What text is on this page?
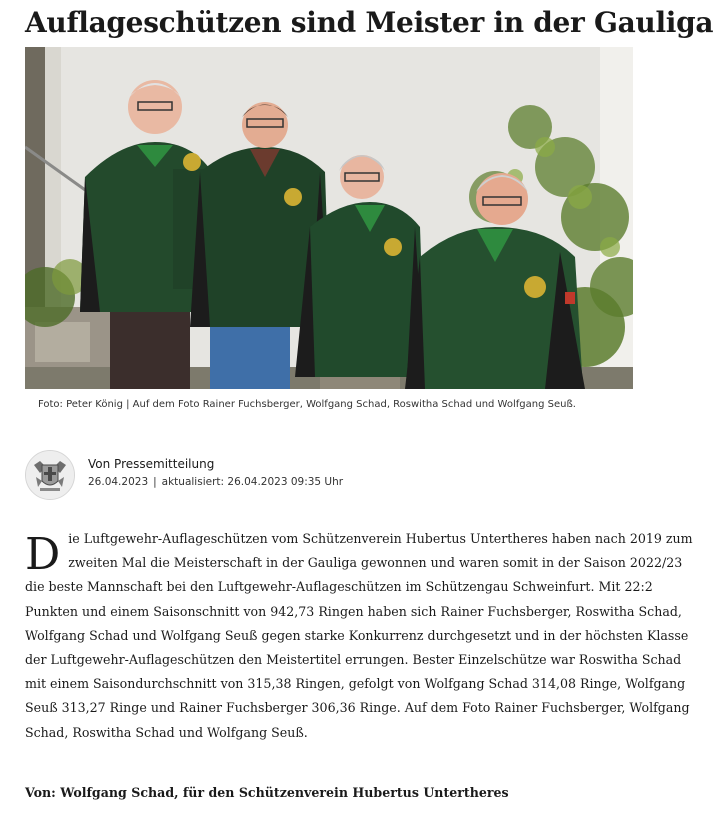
Auflageschützen sind Meister in der Gauliga
Foto: Peter König | Auf dem Foto Rainer Fuchsberger, Wolfgang Schad, Roswitha Schad und Wolfgang Seuß.
Von Pressemitteilung
26.04.2023 | aktualisiert: 26.04.2023 09:35 Uhr
Die Luftgewehr-Auflageschützen vom Schützenverein Hubertus Untertheres haben nach 2019 zum zweiten Mal die Meisterschaft in der Gauliga gewonnen und waren somit in der Saison 2022/23 die beste Mannschaft bei den Luftgewehr-Auflageschützen im Schützengau Schweinfurt. Mit 22:2 Punkten und einem Saisonschnitt von 942,73 Ringen haben sich Rainer Fuchsberger, Roswitha Schad, Wolfgang Schad und Wolfgang Seuß gegen starke Konkurrenz durchgesetzt und in der höchsten Klasse der Luftgewehr-Auflageschützen den Meistertitel errungen. Bester Einzelschütze war Roswitha Schad mit einem Saisondurchschnitt von 315,38 Ringen, gefolgt von Wolfgang Schad 314,08 Ringe, Wolfgang Seuß 313,27 Ringe und Rainer Fuchsberger 306,36 Ringe. Auf dem Foto Rainer Fuchsberger, Wolfgang Schad, Roswitha Schad und Wolfgang Seuß.

Von: Wolfgang Schad, für den Schützenverein Hubertus Untertheres
